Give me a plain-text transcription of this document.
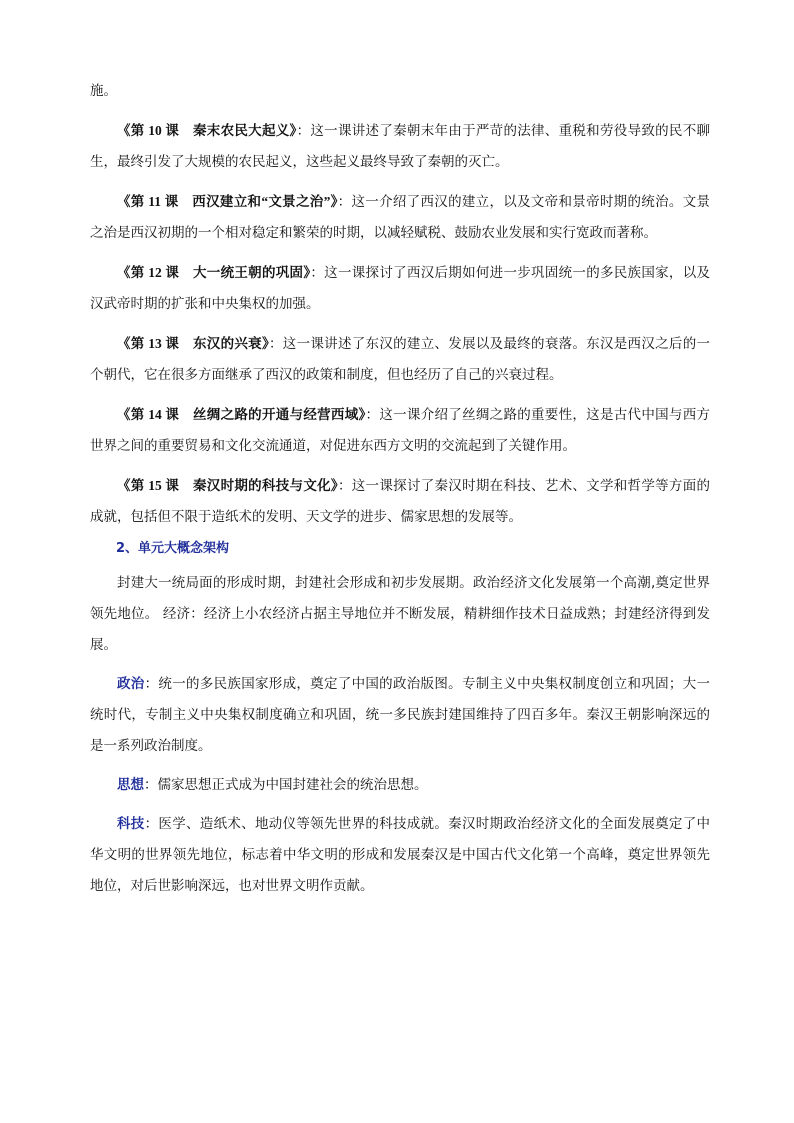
施。

《第 10 课　秦末农民大起义》：这一课讲述了秦朝末年由于严苛的法律、重税和劳役导致的民不聊生，最终引发了大规模的农民起义，这些起义最终导致了秦朝的灭亡。

《第 11 课　西汉建立和“文景之治”》：这一介绍了西汉的建立，以及文帝和景帝时期的统治。文景之治是西汉初期的一个相对稳定和繁荣的时期，以减轻赋税、鼓励农业发展和实行宽政而著称。

《第 12 课　大一统王朝的巩固》：这一课探讨了西汉后期如何进一步巩固统一的多民族国家，以及汉武帝时期的扩张和中央集权的加强。

《第 13 课　东汉的兴衰》：这一课讲述了东汉的建立、发展以及最终的衰落。东汉是西汉之后的一个朝代，它在很多方面继承了西汉的政策和制度，但也经历了自己的兴衰过程。

《第 14 课　丝绸之路的开通与经营西域》：这一课介绍了丝绸之路的重要性，这是古代中国与西方世界之间的重要贸易和文化交流通道，对促进东西方文明的交流起到了关键作用。

《第 15 课　秦汉时期的科技与文化》：这一课探讨了秦汉时期在科技、艺术、文学和哲学等方面的成就，包括但不限于造纸术的发明、天文学的进步、儒家思想的发展等。

2、单元大概念架构

封建大一统局面的形成时期，封建社会形成和初步发展期。政治经济文化发展第一个高潮,奠定世界领先地位。 经济：经济上小农经济占据主导地位并不断发展，精耕细作技术日益成熟；封建经济得到发展。

政治：统一的多民族国家形成，奠定了中国的政治版图。专制主义中央集权制度创立和巩固；大一统时代，专制主义中央集权制度确立和巩固，统一多民族封建国维持了四百多年。秦汉王朝影响深远的是一系列政治制度。

思想：儒家思想正式成为中国封建社会的统治思想。

科技：医学、造纸术、地动仪等领先世界的科技成就。秦汉时期政治经济文化的全面发展奠定了中华文明的世界领先地位，标志着中华文明的形成和发展秦汉是中国古代文化第一个高峰，奠定世界领先地位，对后世影响深远，也对世界文明作贡献。
